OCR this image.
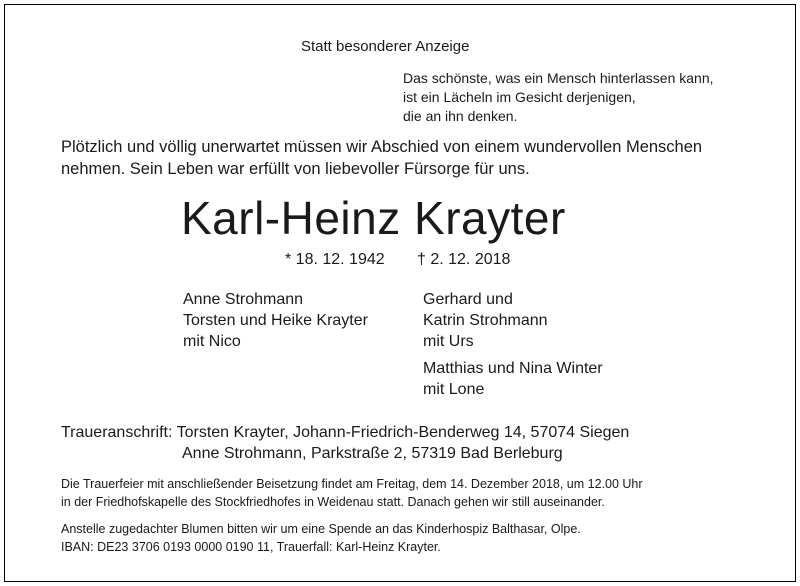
Statt besonderer Anzeige
Das schönste, was ein Mensch hinterlassen kann,
ist ein Lächeln im Gesicht derjenigen,
die an ihn denken.
Plötzlich und völlig unerwartet müssen wir Abschied von einem wundervollen Menschen
nehmen. Sein Leben war erfüllt von liebevoller Fürsorge für uns.
Karl-Heinz Krayter
* 18. 12. 1942 † 2. 12. 2018
Anne Strohmann
Torsten und Heike Krayter
mit Nico
Gerhard und
Katrin Strohmann
mit Urs
Matthias und Nina Winter
mit Lone
Traueranschrift: Torsten Krayter, Johann-Friedrich-Benderweg 14, 57074 Siegen
Anne Strohmann, Parkstraße 2, 57319 Bad Berleburg
Die Trauerfeier mit anschließender Beisetzung findet am Freitag, dem 14. Dezember 2018, um 12.00 Uhr
in der Friedhofskapelle des Stockfriedhofes in Weidenau statt. Danach gehen wir still auseinander.
Anstelle zugedachter Blumen bitten wir um eine Spende an das Kinderhospiz Balthasar, Olpe.
IBAN: DE23 3706 0193 0000 0190 11, Trauerfall: Karl-Heinz Krayter.
